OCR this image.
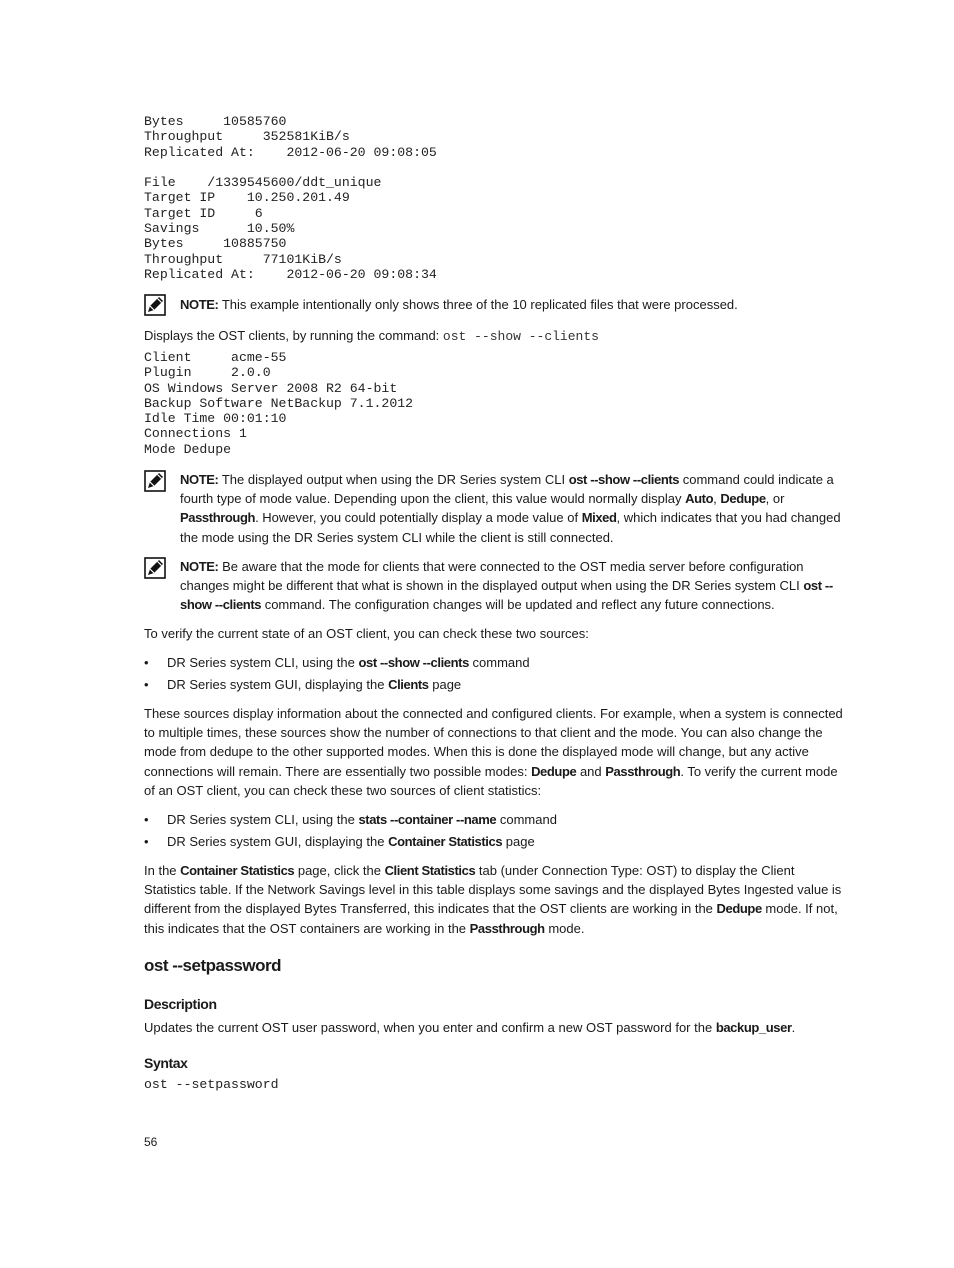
Bytes     10585760
Throughput     352581KiB/s
Replicated At:    2012-06-20 09:08:05

File    /1339545600/ddt_unique
Target IP    10.250.201.49
Target ID     6
Savings      10.50%
Bytes     10885750
Throughput     77101KiB/s
Replicated At:    2012-06-20 09:08:34
NOTE: This example intentionally only shows three of the 10 replicated files that were processed.

Displays the OST clients, by running the command: ost --show --clients

Client     acme-55
Plugin     2.0.0
OS Windows Server 2008 R2 64-bit
Backup Software NetBackup 7.1.2012
Idle Time 00:01:10
Connections 1
Mode Dedupe
NOTE: The displayed output when using the DR Series system CLI ost --show --clients command could indicate a fourth type of mode value. Depending upon the client, this value would normally display Auto, Dedupe, or Passthrough. However, you could potentially display a mode value of Mixed, which indicates that you had changed the mode using the DR Series system CLI while the client is still connected.
NOTE: Be aware that the mode for clients that were connected to the OST media server before configuration changes might be different that what is shown in the displayed output when using the DR Series system CLI ost --show --clients command. The configuration changes will be updated and reflect any future connections.

To verify the current state of an OST client, you can check these two sources:

• DR Series system CLI, using the ost --show --clients command
• DR Series system GUI, displaying the Clients page

These sources display information about the connected and configured clients. For example, when a system is connected to multiple times, these sources show the number of connections to that client and the mode. You can also change the mode from dedupe to the other supported modes. When this is done the displayed mode will change, but any active connections will remain. There are essentially two possible modes: Dedupe and Passthrough. To verify the current mode of an OST client, you can check these two sources of client statistics:

• DR Series system CLI, using the stats --container --name command
• DR Series system GUI, displaying the Container Statistics page

In the Container Statistics page, click the Client Statistics tab (under Connection Type: OST) to display the Client Statistics table. If the Network Savings level in this table displays some savings and the displayed Bytes Ingested value is different from the displayed Bytes Transferred, this indicates that the OST clients are working in the Dedupe mode. If not, this indicates that the OST containers are working in the Passthrough mode.

ost --setpassword
Description

Updates the current OST user password, when you enter and confirm a new OST password for the backup_user.

Syntax
ost --setpassword
56
